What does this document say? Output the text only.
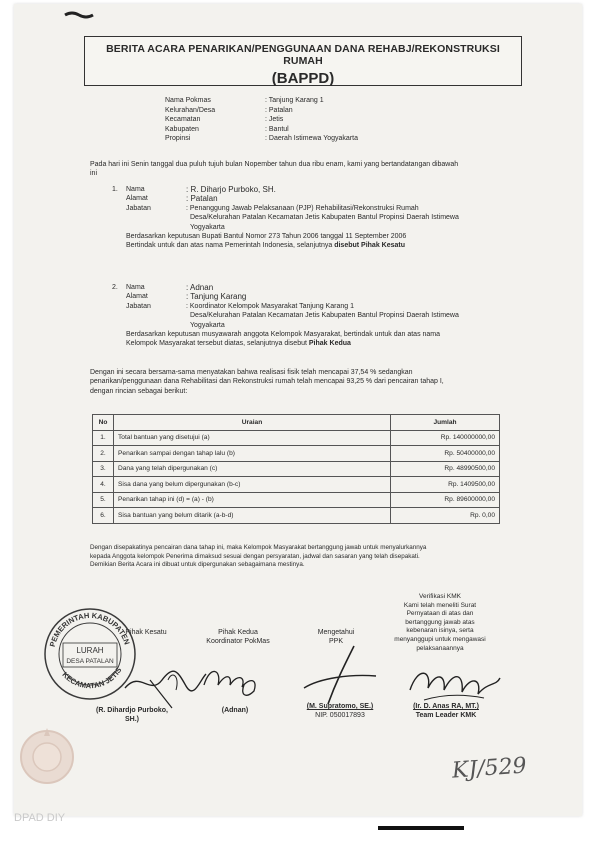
BERITA ACARA PENARIKAN/PENGGUNAAN DANA REHABJ/REKONSTRUKSI RUMAH
(BAPPD)
Nama Pokmas	: Tanjung Karang 1
Kelurahan/Desa	: Patalan
Kecamatan	: Jetis
Kabupaten	: Bantul
Propinsi	: Daerah Istimewa Yogyakarta
Pada hari ini Senin tanggal dua puluh tujuh bulan Nopember tahun dua ribu enam, kami yang bertandatangan dibawah
ini
1.	Nama	: R. Diharjo Purboko, SH.
Alamat	: Patalan
Jabatan	: Penanggung Jawab Pelaksanaan (PJP) Rehabilitasi/Rekonstruksi Rumah
Desa/Kelurahan Patalan Kecamatan Jetis Kabupaten Bantul Propinsi Daerah Istimewa
Yogyakarta
Berdasarkan keputusan Bupati Bantul Nomor 273 Tahun 2006 tanggal 11 September 2006
Bertindak untuk dan atas nama Pemerintah Indonesia, selanjutnya disebut Pihak Kesatu
2.	Nama	: Adnan
Alamat	: Tanjung Karang
Jabatan	: Koordinator Kelompok Masyarakat Tanjung Karang 1
Desa/Kelurahan Patalan Kecamatan Jetis Kabupaten Bantul Propinsi Daerah Istimewa
Yogyakarta
Berdasarkan keputusan musyawarah anggota Kelompok Masyarakat, bertindak untuk dan atas nama
Kelompok Masyarakat tersebut diatas, selanjutnya disebut Pihak Kedua
Dengan ini secara bersama-sama menyatakan bahwa realisasi fisik telah mencapai 37,54 % sedangkan
penarikan/penggunaan dana Rehabilitasi dan Rekonstruksi rumah telah mencapai 93,25 % dari pencairan tahap I,
dengan rincian sebagai berikut:
No	Uraian	Jumlah
1.	Total bantuan yang disetujui (a)	Rp. 140000000,00
2.	Penarikan sampai dengan tahap lalu (b)	Rp. 50400000,00
3.	Dana yang telah dipergunakan (c)	Rp. 48990500,00
4.	Sisa dana yang belum dipergunakan (b-c)	Rp. 1409500,00
5.	Penarikan tahap ini (d) = (a) - (b)	Rp. 89600000,00
6.	Sisa bantuan yang belum ditarik (a-b-d)	Rp. 0,00
Dengan disepakatinya pencairan dana tahap ini, maka Kelompok Masyarakat bertanggung jawab untuk menyalurkannya
kepada Anggota kelompok Penerima dimaksud sesuai dengan persyaratan, jadwal dan sasaran yang telah disepakati.
Demikian Berita Acara ini dibuat untuk dipergunakan sebagaimana mestinya.
Verifikasi KMK
Kami telah meneliti Surat
Pernyataan di atas dan
bertanggung jawab atas
kebenaran isinya, serta
menyanggupi untuk mengawasi
pelaksanaannya
Pihak Kesatu	Pihak Kedua
Koordinator PokMas
Mengetahui
PPK
PEMERINTAH KABUPATEN
KECAMATAN JETIS
LURAH
DESA PATALAN
(R. Dihardjo Purboko,
SH.)
(Adnan)
(M. Supratomo, SE.)
NIP. 050017893
(Ir. D. Anas RA, MT.)
Team Leader KMK
KJ/529
DPAD DIY
